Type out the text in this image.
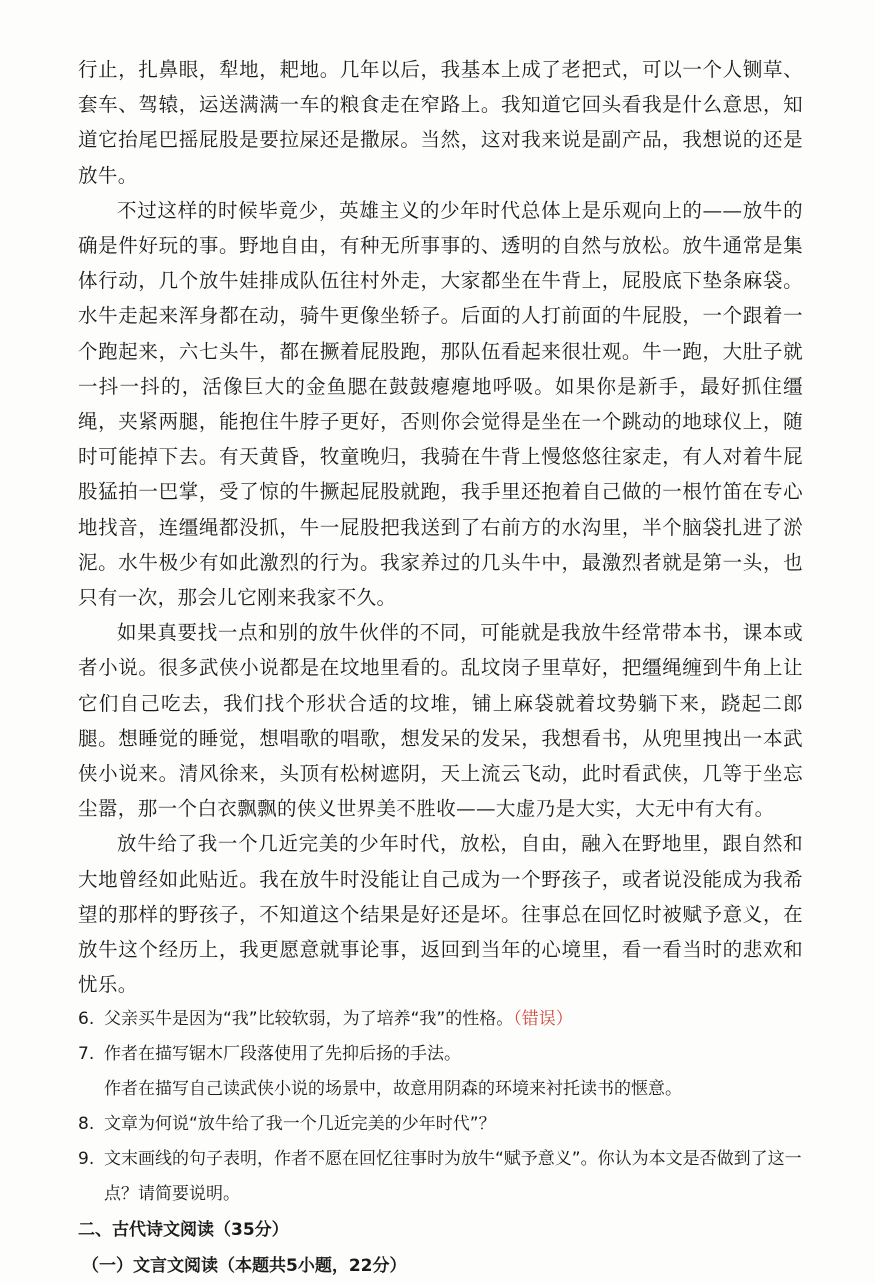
行止，扎鼻眼，犁地，耙地。几年以后，我基本上成了老把式，可以一个人铡草、套车、驾辕，运送满满一车的粮食走在窄路上。我知道它回头看我是什么意思，知道它抬尾巴摇屁股是要拉屎还是撒尿。当然，这对我来说是副产品，我想说的还是放牛。

不过这样的时候毕竟少，英雄主义的少年时代总体上是乐观向上的——放牛的确是件好玩的事。野地自由，有种无所事事的、透明的自然与放松。放牛通常是集体行动，几个放牛娃排成队伍往村外走，大家都坐在牛背上，屁股底下垫条麻袋。水牛走起来浑身都在动，骑牛更像坐轿子。后面的人打前面的牛屁股，一个跟着一个跑起来，六七头牛，都在撅着屁股跑，那队伍看起来很壮观。牛一跑，大肚子就一抖一抖的，活像巨大的金鱼腮在鼓鼓瘪瘪地呼吸。如果你是新手，最好抓住缰绳，夹紧两腿，能抱住牛脖子更好，否则你会觉得是坐在一个跳动的地球仪上，随时可能掉下去。有天黄昏，牧童晚归，我骑在牛背上慢悠悠往家走，有人对着牛屁股猛拍一巴掌，受了惊的牛撅起屁股就跑，我手里还抱着自己做的一根竹笛在专心地找音，连缰绳都没抓，牛一屁股把我送到了右前方的水沟里，半个脑袋扎进了淤泥。水牛极少有如此激烈的行为。我家养过的几头牛中，最激烈者就是第一头，也只有一次，那会儿它刚来我家不久。

如果真要找一点和别的放牛伙伴的不同，可能就是我放牛经常带本书，课本或者小说。很多武侠小说都是在坟地里看的。乱坟岗子里草好，把缰绳缠到牛角上让它们自己吃去，我们找个形状合适的坟堆，铺上麻袋就着坟势躺下来，跷起二郎腿。想睡觉的睡觉，想唱歌的唱歌，想发呆的发呆，我想看书，从兜里拽出一本武侠小说来。清风徐来，头顶有松树遮阴，天上流云飞动，此时看武侠，几等于坐忘尘嚣，那一个白衣飘飘的侠义世界美不胜收——大虚乃是大实，大无中有大有。

放牛给了我一个几近完美的少年时代，放松，自由，融入在野地里，跟自然和大地曾经如此贴近。我在放牛时没能让自己成为一个野孩子，或者说没能成为我希望的那样的野孩子，不知道这个结果是好还是坏。往事总在回忆时被赋予意义，在放牛这个经历上，我更愿意就事论事，返回到当年的心境里，看一看当时的悲欢和忧乐。

6. 父亲买牛是因为“我”比较软弱，为了培养“我”的性格。（错误）

7. 作者在描写锯木厂段落使用了先抑后扬的手法。

作者在描写自己读武侠小说的场景中，故意用阴森的环境来衬托读书的惬意。

8. 文章为何说“放牛给了我一个几近完美的少年时代”？

9. 文末画线的句子表明，作者不愿在回忆往事时为放牛“赋予意义”。你认为本文是否做到了这一点？请简要说明。

二、古代诗文阅读（35分）

（一）文言文阅读（本题共5小题，22分）
